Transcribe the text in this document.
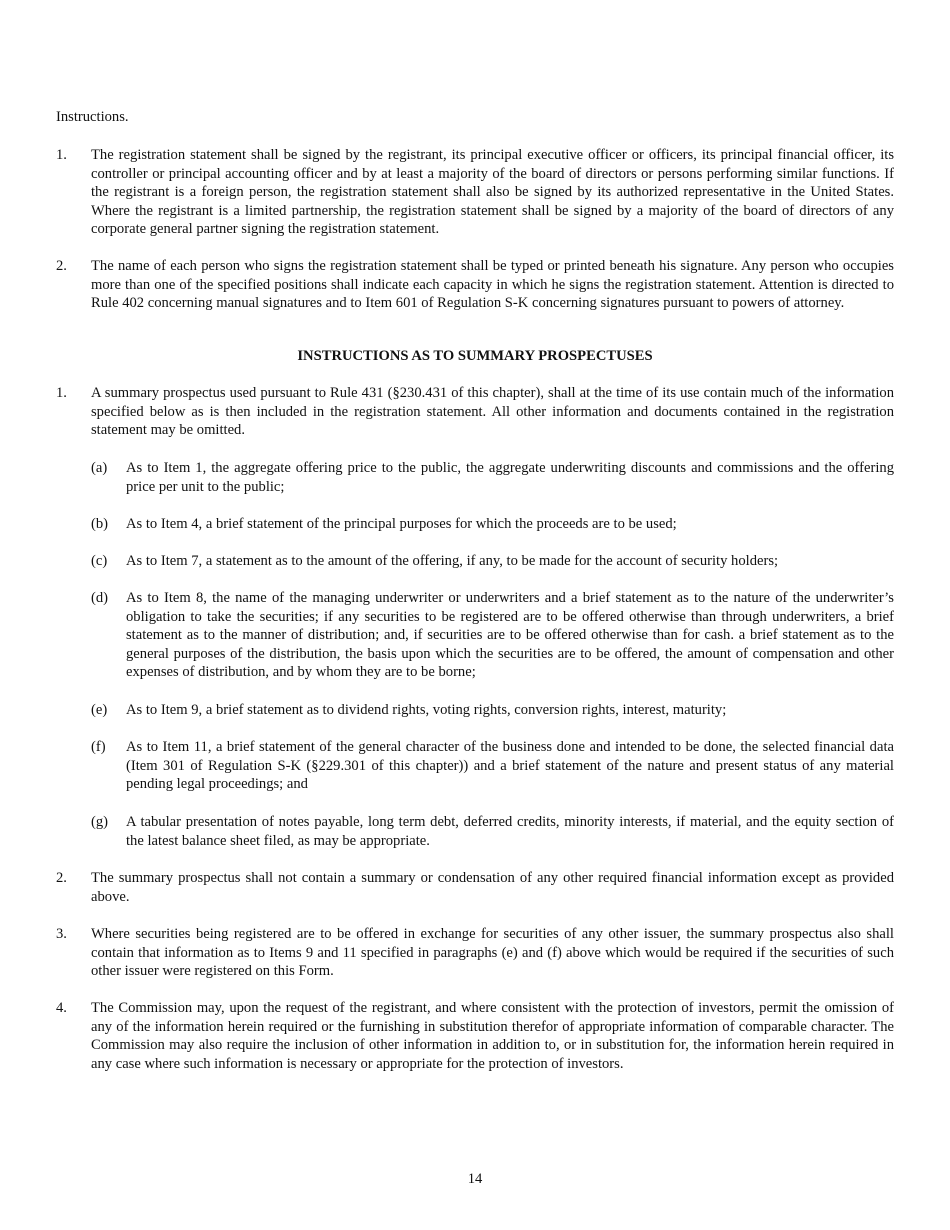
Instructions.
1. The registration statement shall be signed by the registrant, its principal executive officer or officers, its principal financial officer, its controller or principal accounting officer and by at least a majority of the board of directors or persons performing similar functions. If the registrant is a foreign person, the registration statement shall also be signed by its authorized representative in the United States. Where the registrant is a limited partnership, the registration statement shall be signed by a majority of the board of directors of any corporate general partner signing the registration statement.
2. The name of each person who signs the registration statement shall be typed or printed beneath his signature. Any person who occupies more than one of the specified positions shall indicate each capacity in which he signs the registration statement. Attention is directed to Rule 402 concerning manual signatures and to Item 601 of Regulation S-K concerning signatures pursuant to powers of attorney.
INSTRUCTIONS AS TO SUMMARY PROSPECTUSES
1. A summary prospectus used pursuant to Rule 431 (§230.431 of this chapter), shall at the time of its use contain much of the information specified below as is then included in the registration statement. All other information and documents contained in the registration statement may be omitted.
(a) As to Item 1, the aggregate offering price to the public, the aggregate underwriting discounts and commissions and the offering price per unit to the public;
(b) As to Item 4, a brief statement of the principal purposes for which the proceeds are to be used;
(c) As to Item 7, a statement as to the amount of the offering, if any, to be made for the account of security holders;
(d) As to Item 8, the name of the managing underwriter or underwriters and a brief statement as to the nature of the underwriter’s obligation to take the securities; if any securities to be registered are to be offered otherwise than through underwriters, a brief statement as to the manner of distribution; and, if securities are to be offered otherwise than for cash. a brief statement as to the general purposes of the distribution, the basis upon which the securities are to be offered, the amount of compensation and other expenses of distribution, and by whom they are to be borne;
(e) As to Item 9, a brief statement as to dividend rights, voting rights, conversion rights, interest, maturity;
(f) As to Item 11, a brief statement of the general character of the business done and intended to be done, the selected financial data (Item 301 of Regulation S-K (§229.301 of this chapter)) and a brief statement of the nature and present status of any material pending legal proceedings; and
(g) A tabular presentation of notes payable, long term debt, deferred credits, minority interests, if material, and the equity section of the latest balance sheet filed, as may be appropriate.
2. The summary prospectus shall not contain a summary or condensation of any other required financial information except as provided above.
3. Where securities being registered are to be offered in exchange for securities of any other issuer, the summary prospectus also shall contain that information as to Items 9 and 11 specified in paragraphs (e) and (f) above which would be required if the securities of such other issuer were registered on this Form.
4. The Commission may, upon the request of the registrant, and where consistent with the protection of investors, permit the omission of any of the information herein required or the furnishing in substitution therefor of appropriate information of comparable character. The Commission may also require the inclusion of other information in addition to, or in substitution for, the information herein required in any case where such information is necessary or appropriate for the protection of investors.
14
